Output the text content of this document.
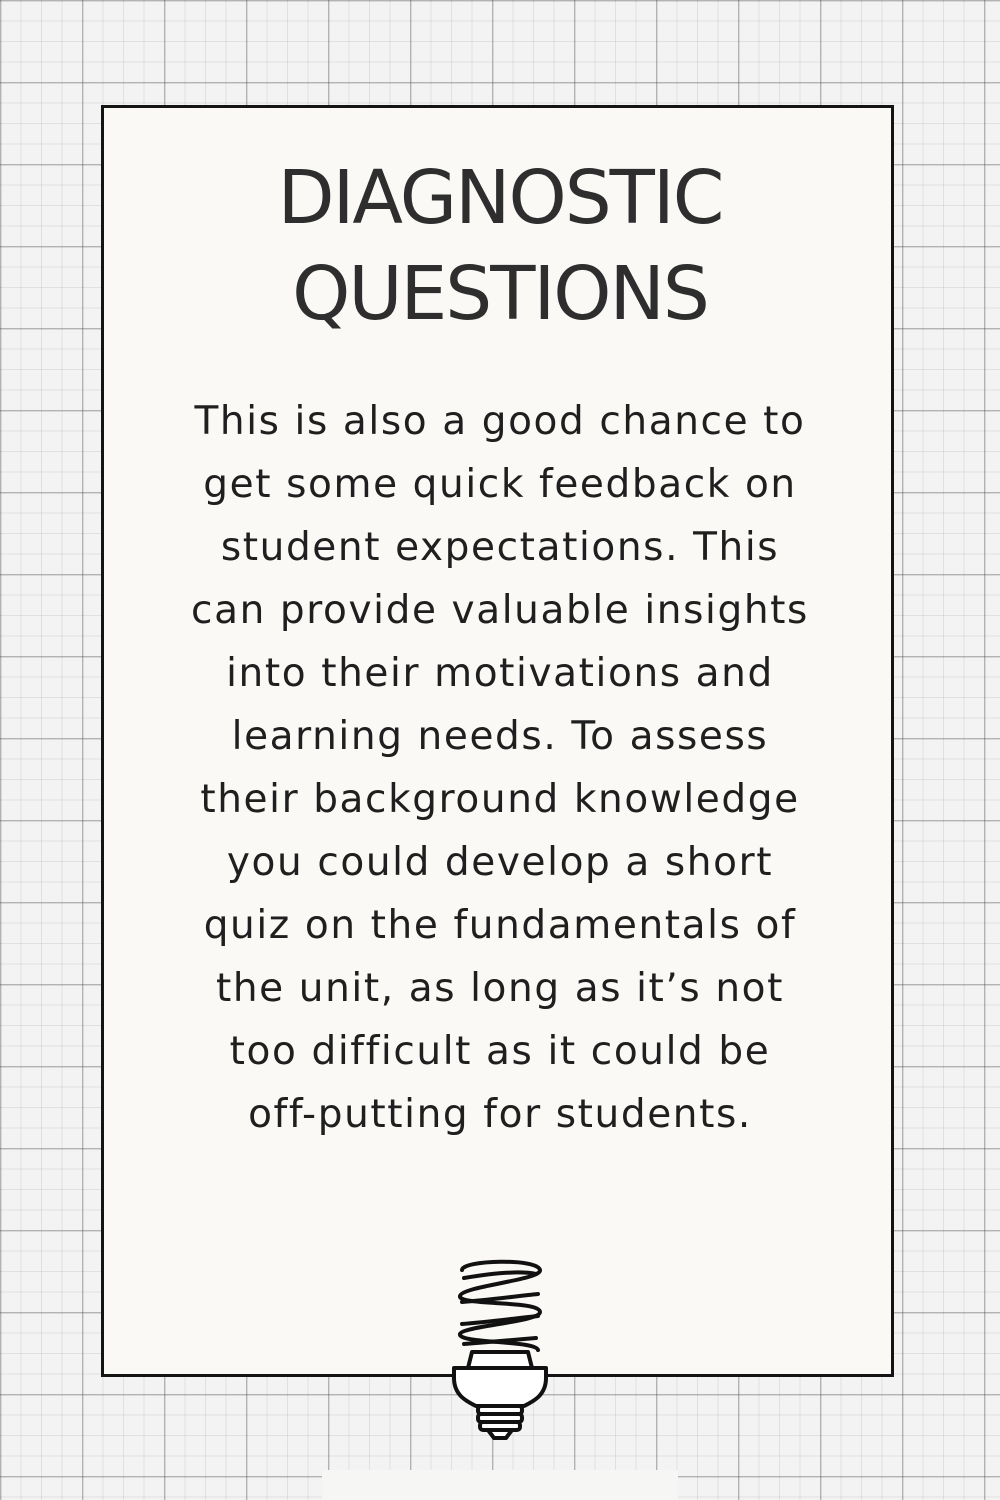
DIAGNOSTIC
QUESTIONS

This is also a good chance to
get some quick feedback on
student expectations. This
can provide valuable insights
into their motivations and
learning needs. To assess
their background knowledge
you could develop a short
quiz on the fundamentals of
the unit, as long as it’s not
too difficult as it could be
off-putting for students.
